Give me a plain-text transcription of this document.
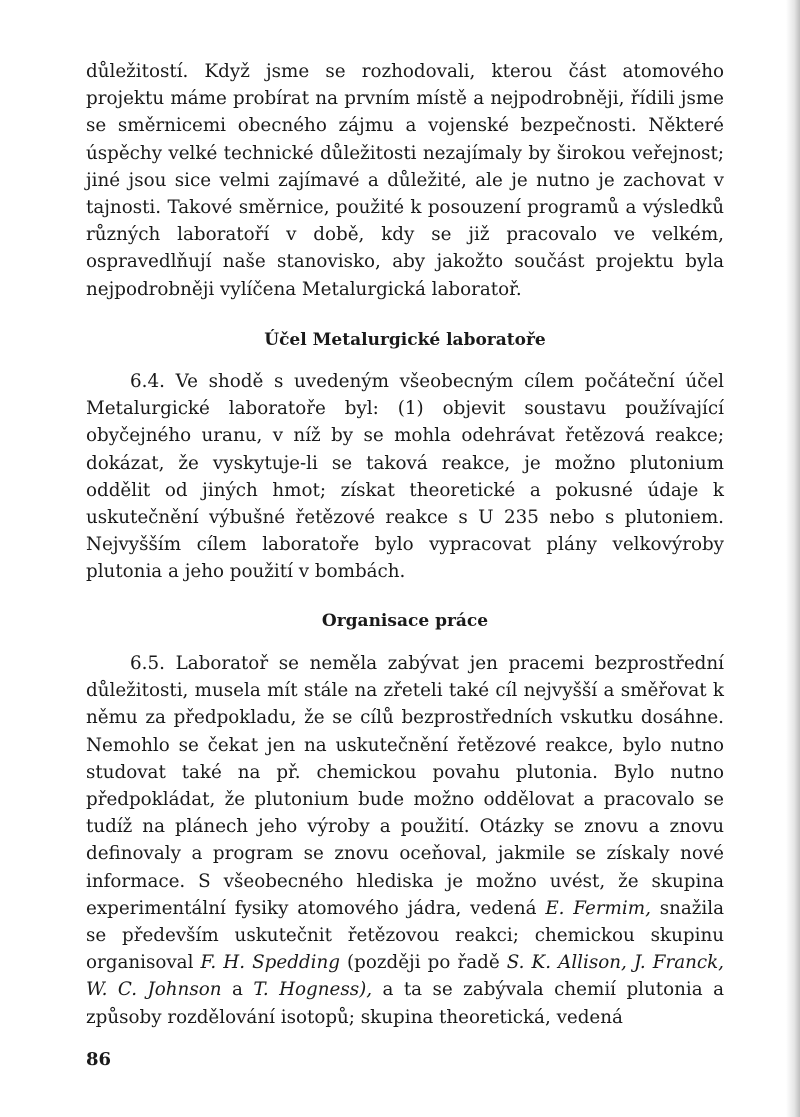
důležitostí. Když jsme se rozhodovali, kterou část atomového projektu máme probírat na prvním místě a nejpodrobněji, řídili jsme se směrnicemi obecného zájmu a vojenské bezpečnosti. Některé úspěchy velké technické důležitosti nezajímaly by širokou veřejnost; jiné jsou sice velmi zajímavé a důležité, ale je nutno je zachovat v tajnosti. Takové směrnice, použité k posouzení programů a výsledků různých laboratoří v době, kdy se již pracovalo ve velkém, ospravedlňují naše stanovisko, aby jakožto součást projektu byla nejpodrobněji vylíčena Metalurgická laboratoř.

Účel Metalurgické laboratoře

6.4. Ve shodě s uvedeným všeobecným cílem počáteční účel Metalurgické laboratoře byl: (1) objevit soustavu používající obyčejného uranu, v níž by se mohla odehrávat řetězová reakce; dokázat, že vyskytuje-li se taková reakce, je možno plutonium oddělit od jiných hmot; získat theoretické a pokusné údaje k uskutečnění výbušné řetězové reakce s U 235 nebo s plutoniem. Nejvyšším cílem laboratoře bylo vypracovat plány velkovýroby plutonia a jeho použití v bombách.

Organisace práce

6.5. Laboratoř se neměla zabývat jen pracemi bezprostřední důležitosti, musela mít stále na zřeteli také cíl nejvyšší a směřovat k němu za předpokladu, že se cílů bezprostředních vskutku dosáhne. Nemohlo se čekat jen na uskutečnění řetězové reakce, bylo nutno studovat také na př. chemickou povahu plutonia. Bylo nutno předpokládat, že plutonium bude možno oddělovat a pracovalo se tudíž na plánech jeho výroby a použití. Otázky se znovu a znovu definovaly a program se znovu oceňoval, jakmile se získaly nové informace. S všeobecného hlediska je možno uvést, že skupina experimentální fysiky atomového jádra, vedená E. Fermim, snažila se především uskutečnit řetězovou reakci; chemickou skupinu organisoval F. H. Spedding (později po řadě S. K. Allison, J. Franck, W. C. Johnson a T. Hogness), a ta se zabývala chemií plutonia a způsoby rozdělování isotopů; skupina theoretická, vedená

86
